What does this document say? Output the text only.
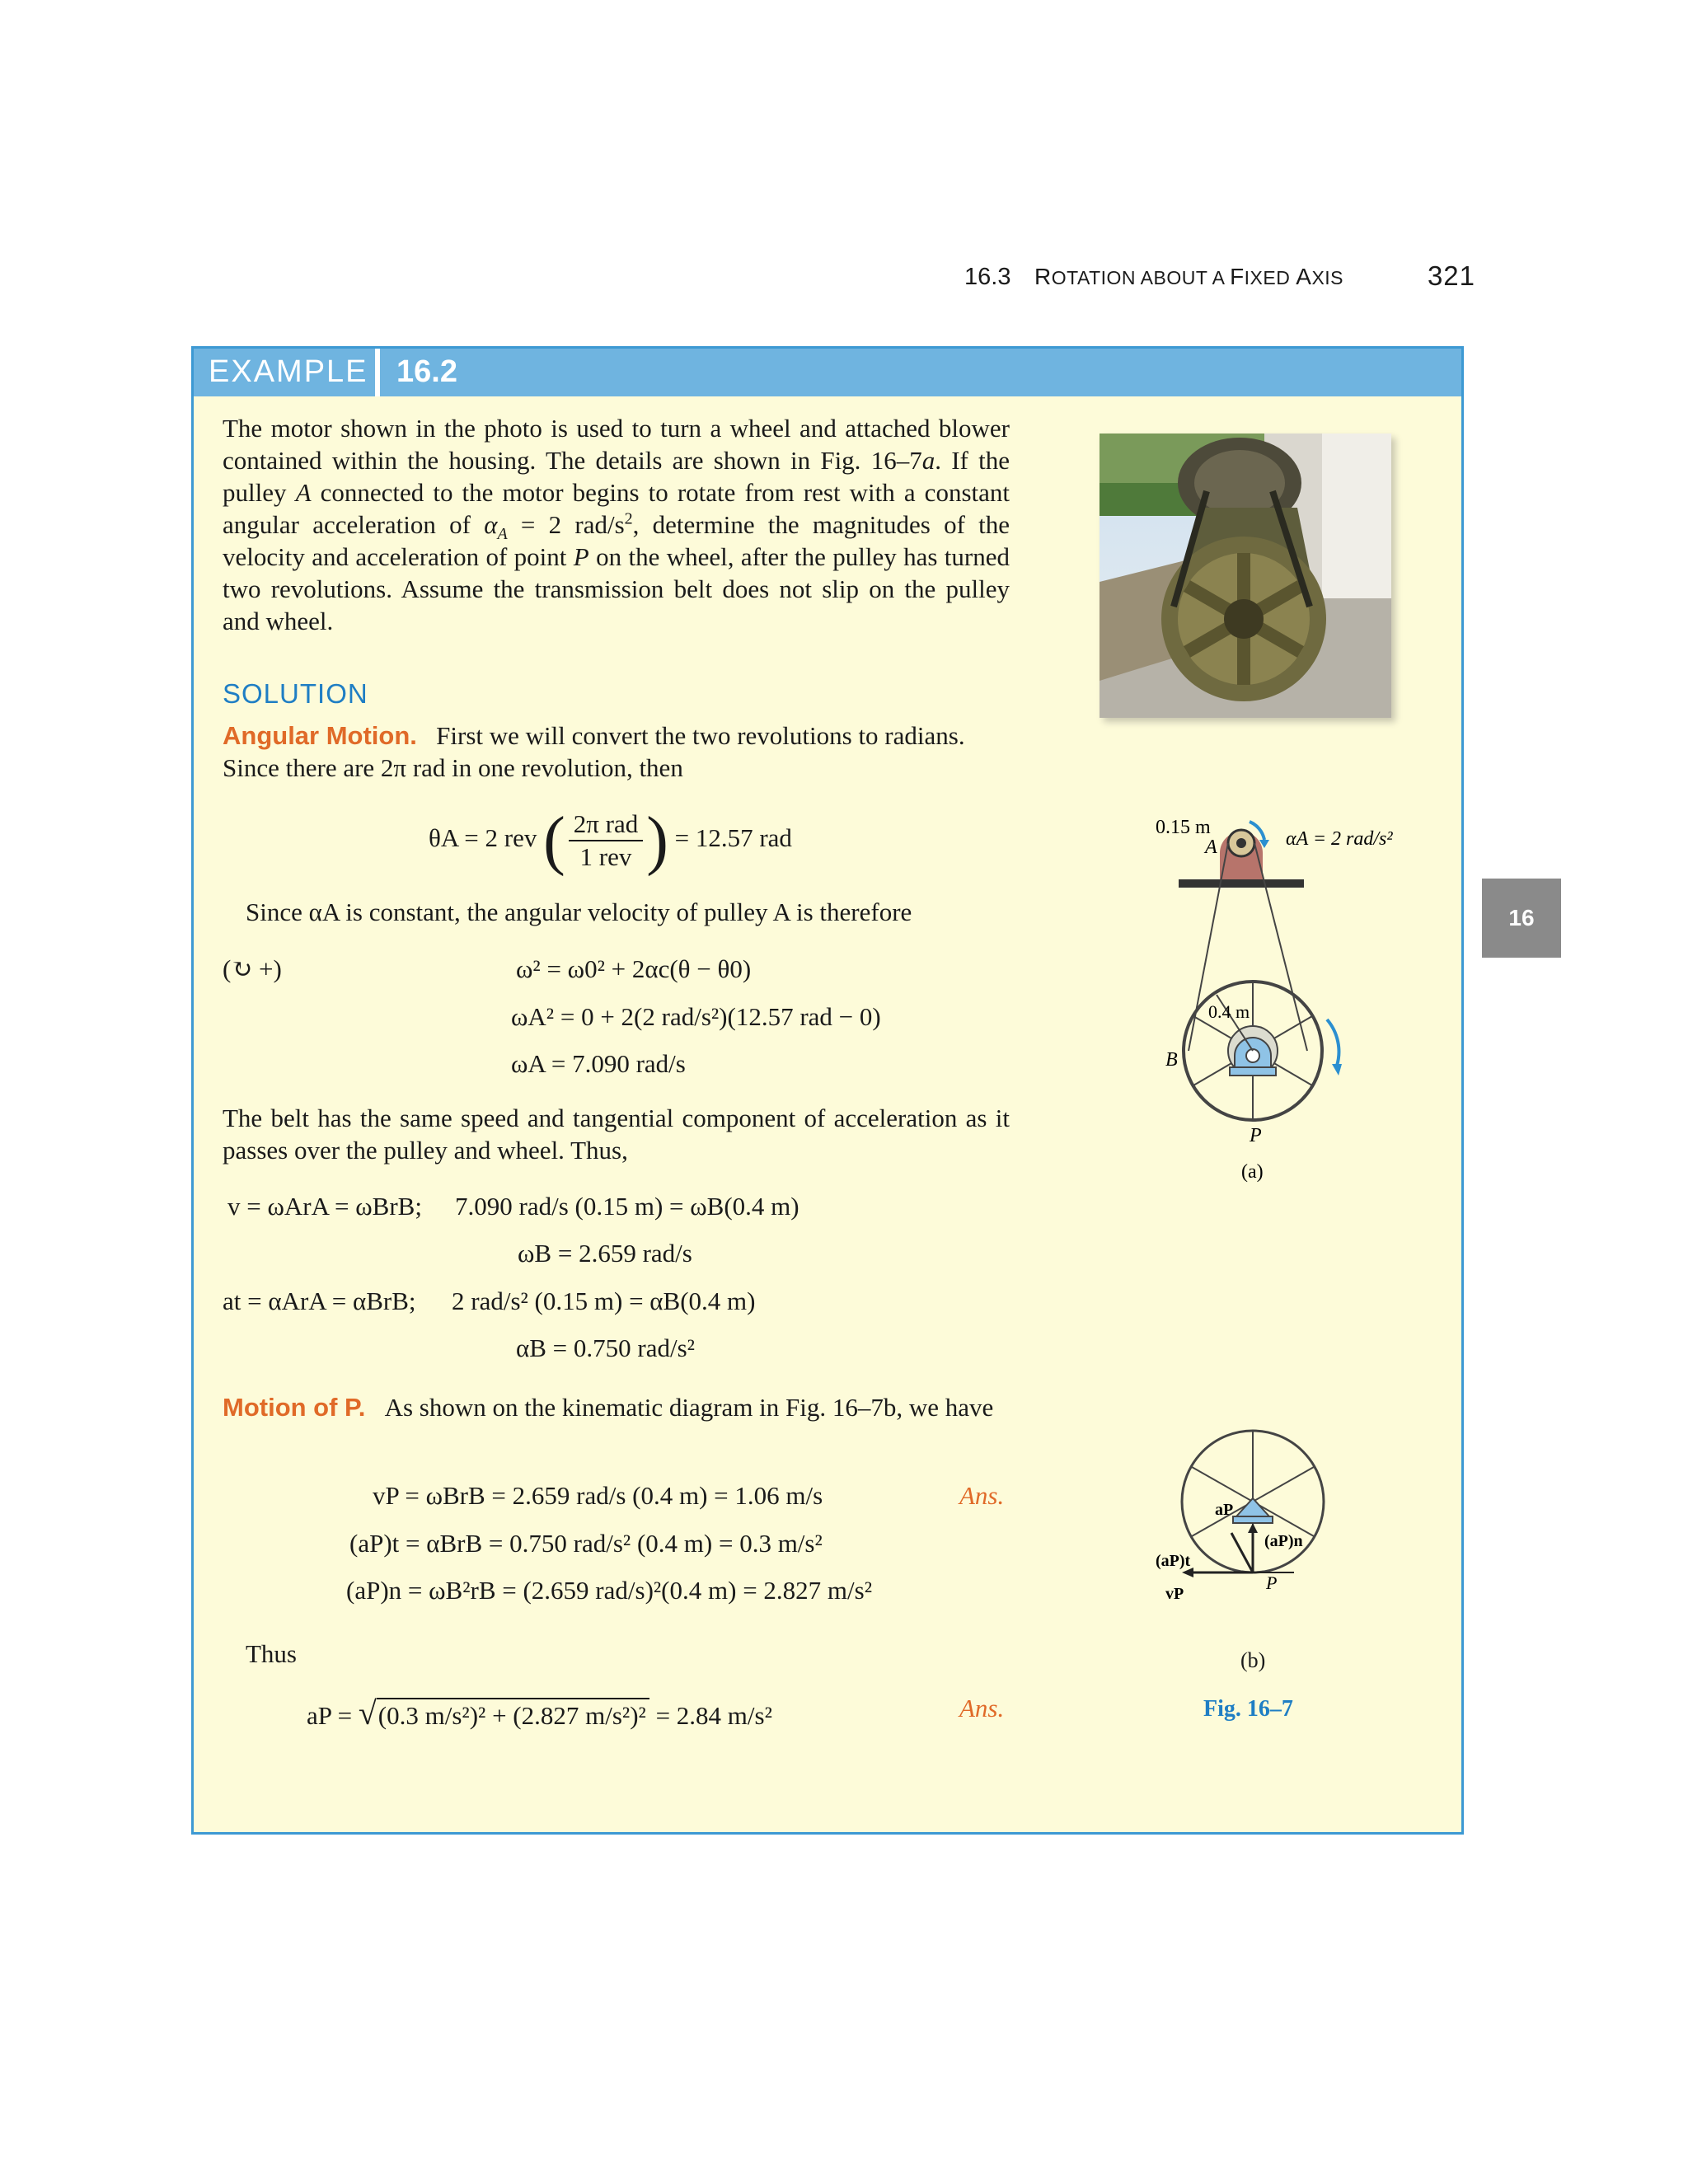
16.3 ROTATION ABOUT A FIXED AXIS	321
EXAMPLE 16.2
The motor shown in the photo is used to turn a wheel and attached blower contained within the housing. The details are shown in Fig. 16–7a. If the pulley A connected to the motor begins to rotate from rest with a constant angular acceleration of $\alpha_A = 2$ rad/$s^2$, determine the magnitudes of the velocity and acceleration of point P on the wheel, after the pulley has turned two revolutions. Assume the transmission belt does not slip on the pulley and wheel.
SOLUTION
Angular Motion. First we will convert the two revolutions to radians. Since there are 2π rad in one revolution, then
θA = 2 rev ( $\frac{\text{2π rad}}{\text{1 rev}}$ ) = 12.57 rad
Since αA is constant, the angular velocity of pulley A is therefore
(↻ +)	ω² = ω0² + 2αc(θ − θ0)
ωA² = 0 + 2(2 rad/s²)(12.57 rad − 0)
ωA = 7.090 rad/s
The belt has the same speed and tangential component of acceleration as it passes over the pulley and wheel. Thus,
v = ωArA = ωBrB; 7.090 rad/s (0.15 m) = ωB(0.4 m)
ωB = 2.659 rad/s
at = αArA = αBrB; 2 rad/s² (0.15 m) = αB(0.4 m)
αB = 0.750 rad/s²
Motion of P. As shown on the kinematic diagram in Fig. 16–7b, we have
vP = ωBrB = 2.659 rad/s (0.4 m) = 1.06 m/s	Ans.
(aP)t = αBrB = 0.750 rad/s² (0.4 m) = 0.3 m/s²
(aP)n = ωB²rB = (2.659 rad/s)²(0.4 m) = 2.827 m/s²
Thus
aP = √(0.3 m/s²)² + (2.827 m/s²)² = 2.84 m/s²	Ans.
0.15 m
A	αA = 2 rad/s²
0.4 m
B
P
(a)
aP
(aP)n
(aP)t
vP
P
(b)
Fig. 16–7
16
